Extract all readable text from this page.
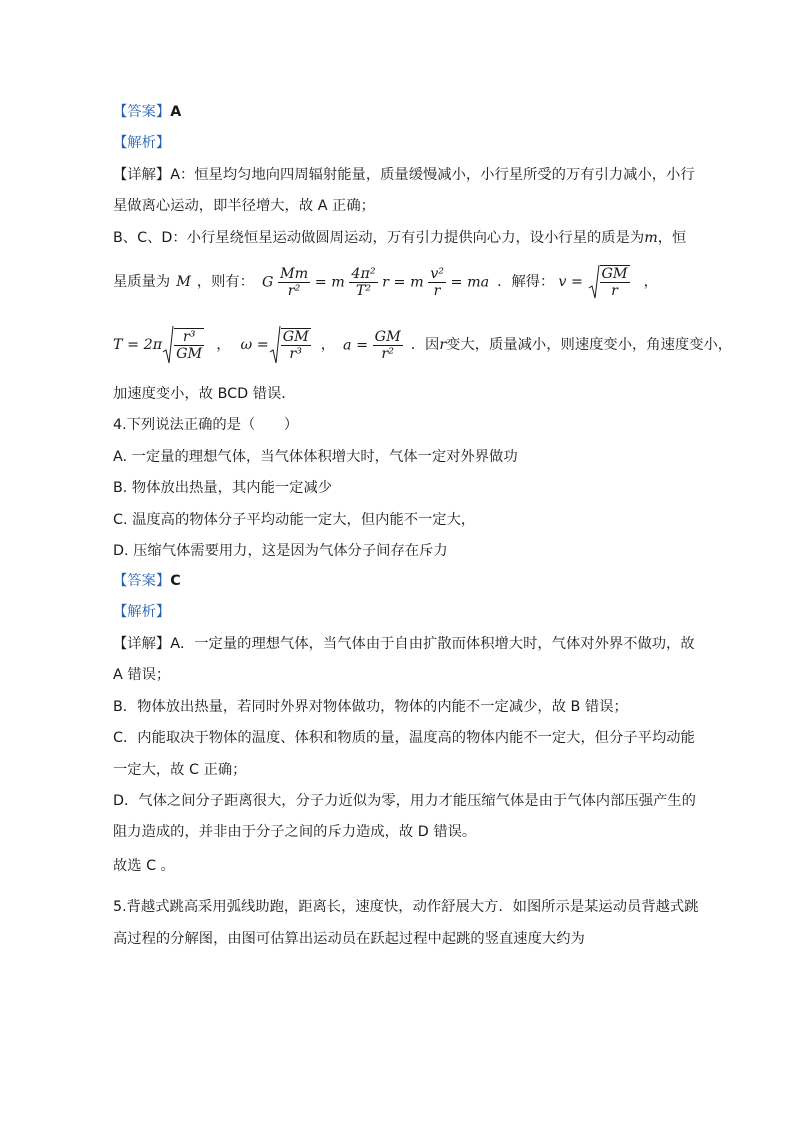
【答案】A
【解析】
【详解】A：恒星均匀地向四周辐射能量，质量缓慢减小，小行星所受的万有引力减小，小行
星做离心运动，即半径增大，故 A 正确；
B、C、D：小行星绕恒星运动做圆周运动，万有引力提供向心力，设小行星的质是为m，恒
星质量为 M ，则有： G $\frac{Mm}{\text{r²}} = m \frac{\text{4π²}}{\text{T²}}$ r = m $\frac{\text{v²}}{r}$ = ma ．解得： $v = \frac{GM}{r}$ ，
$T = 2\pi \frac{\text{r³}}{GM}$ ， $\omega = \frac{GM}{\text{r³}}$ ， $a = \frac{GM}{\text{r²}}$ ．因 r 变大，质量减小，则速度变小，角速度变小，
加速度变小，故 BCD 错误．
4.下列说法正确的是（　　）
A. 一定量的理想气体，当气体体积增大时，气体一定对外界做功
B. 物体放出热量，其内能一定减少
C. 温度高的物体分子平均动能一定大，但内能不一定大，
D. 压缩气体需要用力，这是因为气体分子间存在斥力
【答案】C
【解析】
【详解】A．一定量的理想气体，当气体由于自由扩散而体积增大时，气体对外界不做功，故
A 错误；
B．物体放出热量，若同时外界对物体做功，物体的内能不一定减少，故 B 错误；
C．内能取决于物体的温度、体积和物质的量，温度高的物体内能不一定大，但分子平均动能
一定大，故 C 正确；
D．气体之间分子距离很大，分子力近似为零，用力才能压缩气体是由于气体内部压强产生的
阻力造成的，并非由于分子之间的斥力造成，故 D 错误。
故选 C 。
5.背越式跳高采用弧线助跑，距离长，速度快，动作舒展大方．如图所示是某运动员背越式跳
高过程的分解图，由图可估算出运动员在跃起过程中起跳的竖直速度大约为
